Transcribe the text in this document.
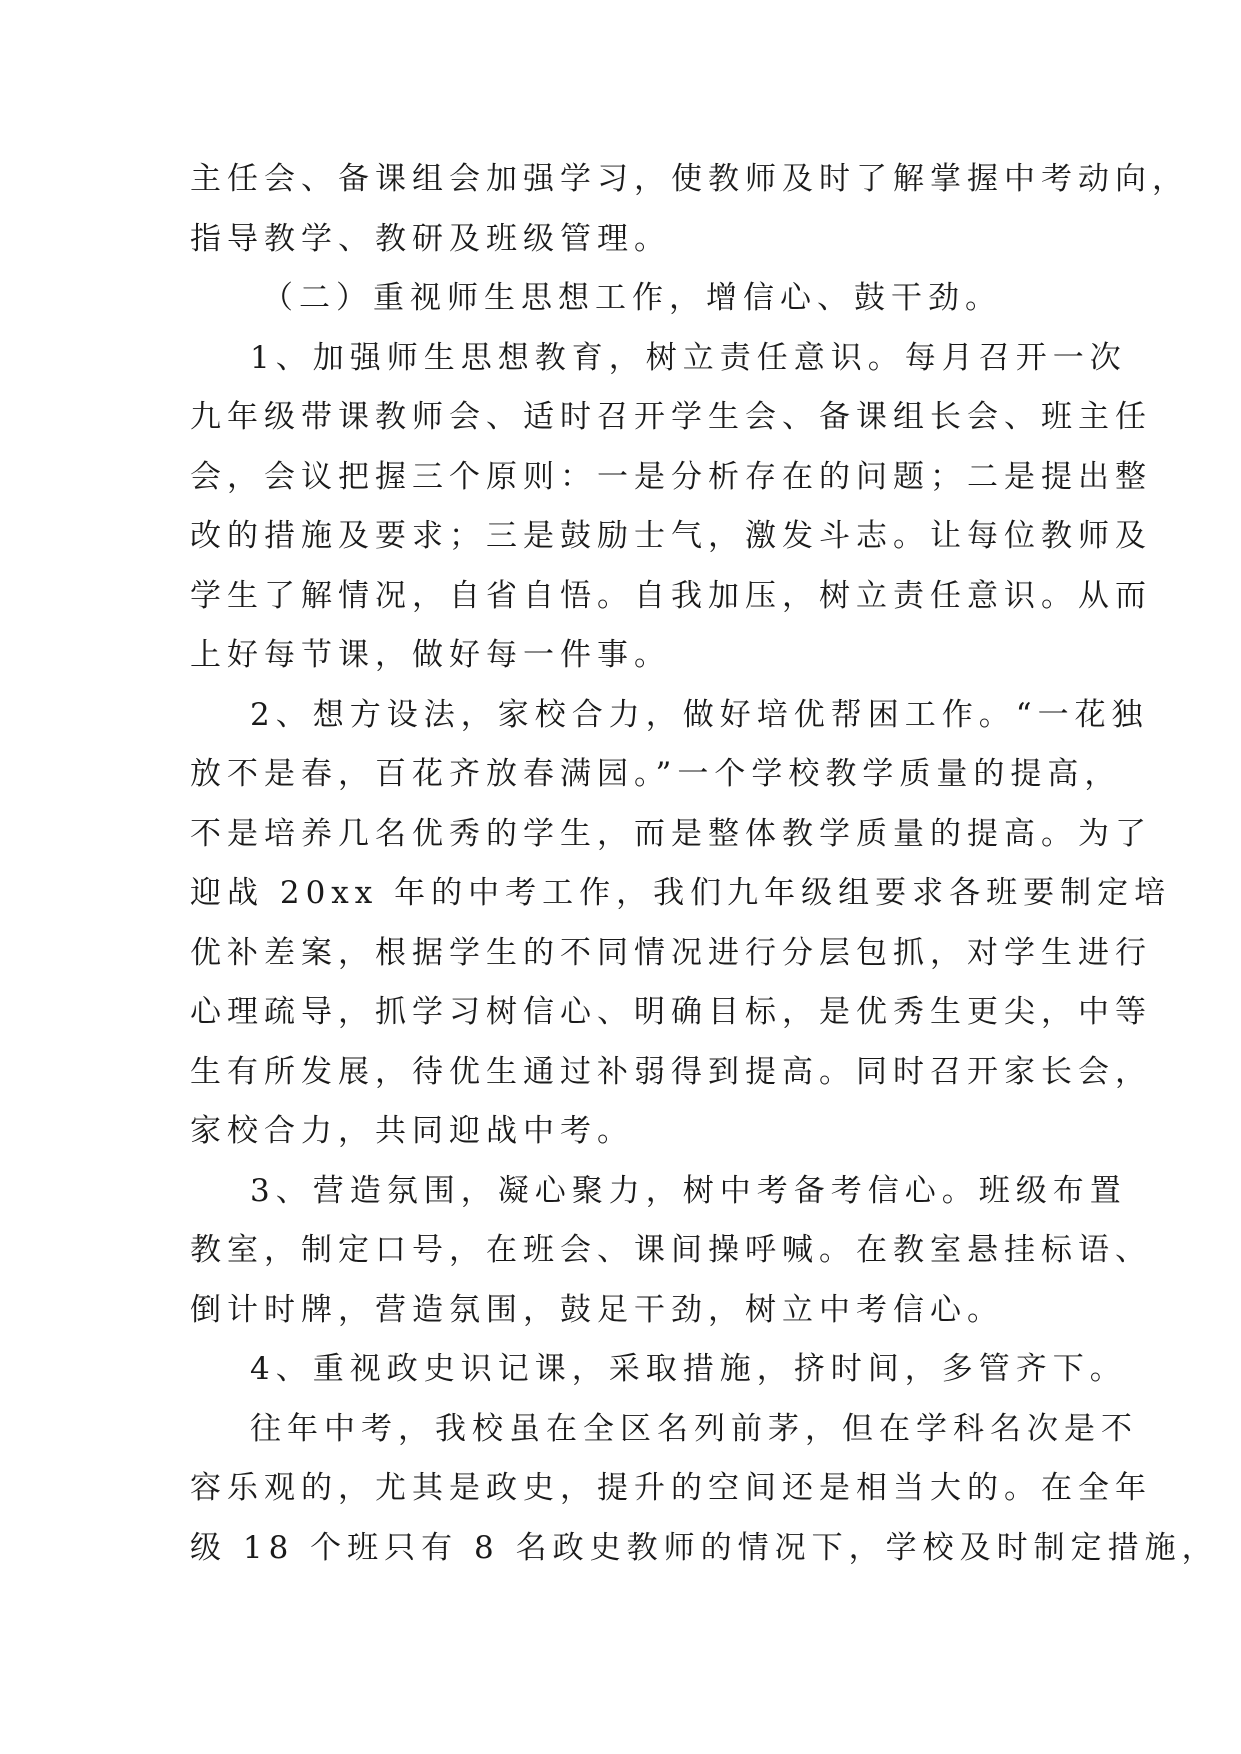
主任会、备课组会加强学习，使教师及时了解掌握中考动向，
指导教学、教研及班级管理。
（二）重视师生思想工作，增信心、鼓干劲。
1、加强师生思想教育，树立责任意识。每月召开一次
九年级带课教师会、适时召开学生会、备课组长会、班主任
会，会议把握三个原则：一是分析存在的问题；二是提出整
改的措施及要求；三是鼓励士气，激发斗志。让每位教师及
学生了解情况，自省自悟。自我加压，树立责任意识。从而
上好每节课，做好每一件事。
2、想方设法，家校合力，做好培优帮困工作。“一花独
放不是春，百花齐放春满园。”一个学校教学质量的提高，
不是培养几名优秀的学生，而是整体教学质量的提高。为了
迎战 20xx 年的中考工作，我们九年级组要求各班要制定培
优补差案，根据学生的不同情况进行分层包抓，对学生进行
心理疏导，抓学习树信心、明确目标，是优秀生更尖，中等
生有所发展，待优生通过补弱得到提高。同时召开家长会，
家校合力，共同迎战中考。
3、营造氛围，凝心聚力，树中考备考信心。班级布置
教室，制定口号，在班会、课间操呼喊。在教室悬挂标语、
倒计时牌，营造氛围，鼓足干劲，树立中考信心。
4、重视政史识记课，采取措施，挤时间，多管齐下。
往年中考，我校虽在全区名列前茅，但在学科名次是不
容乐观的，尤其是政史，提升的空间还是相当大的。在全年
级 18 个班只有 8 名政史教师的情况下，学校及时制定措施，
